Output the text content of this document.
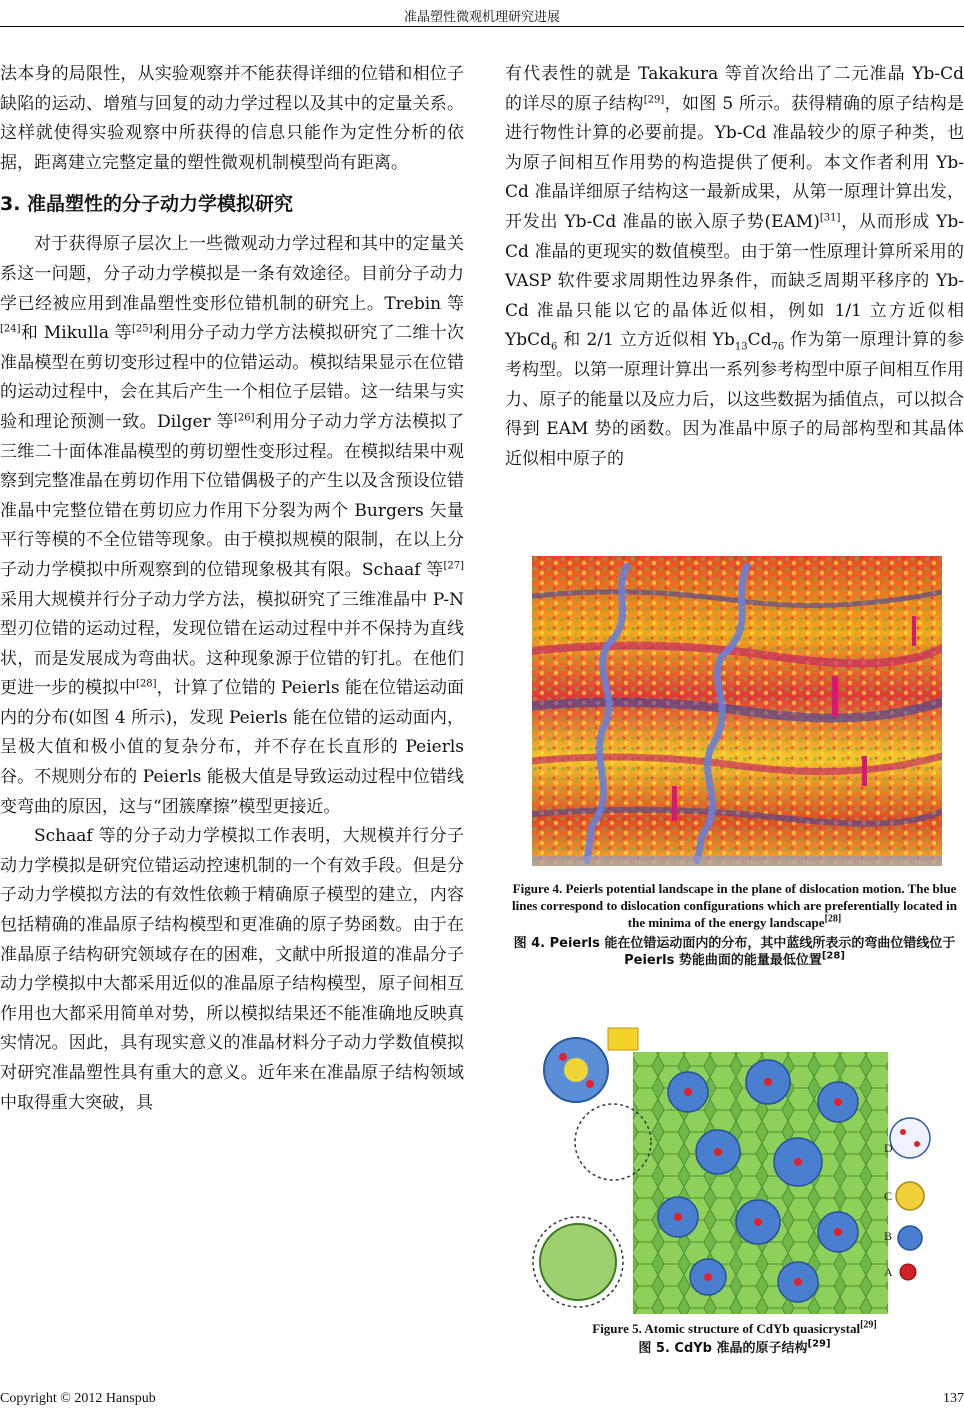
准晶塑性微观机理研究进展

法本身的局限性，从实验观察并不能获得详细的位错和相位子缺陷的运动、增殖与回复的动力学过程以及其中的定量关系。这样就使得实验观察中所获得的信息只能作为定性分析的依据，距离建立完整定量的塑性微观机制模型尚有距离。

3. 准晶塑性的分子动力学模拟研究

对于获得原子层次上一些微观动力学过程和其中的定量关系这一问题，分子动力学模拟是一条有效途径。目前分子动力学已经被应用到准晶塑性变形位错机制的研究上。Trebin 等[24]和 Mikulla 等[25]利用分子动力学方法模拟研究了二维十次准晶模型在剪切变形过程中的位错运动。模拟结果显示在位错的运动过程中，会在其后产生一个相位子层错。这一结果与实验和理论预测一致。Dilger 等[26]利用分子动力学方法模拟了三维二十面体准晶模型的剪切塑性变形过程。在模拟结果中观察到完整准晶在剪切作用下位错偶极子的产生以及含预设位错准晶中完整位错在剪切应力作用下分裂为两个 Burgers 矢量平行等模的不全位错等现象。由于模拟规模的限制，在以上分子动力学模拟中所观察到的位错现象极其有限。Schaaf 等[27]采用大规模并行分子动力学方法，模拟研究了三维准晶中 P-N 型刃位错的运动过程，发现位错在运动过程中并不保持为直线状，而是发展成为弯曲状。这种现象源于位错的钉扎。在他们更进一步的模拟中[28]，计算了位错的 Peierls 能在位错运动面内的分布(如图 4 所示)，发现 Peierls 能在位错的运动面内，呈极大值和极小值的复杂分布，并不存在长直形的 Peierls 谷。不规则分布的 Peierls 能极大值是导致运动过程中位错线变弯曲的原因，这与“团簇摩擦”模型更接近。

Schaaf 等的分子动力学模拟工作表明，大规模并行分子动力学模拟是研究位错运动控速机制的一个有效手段。但是分子动力学模拟方法的有效性依赖于精确原子模型的建立，内容包括精确的准晶原子结构模型和更准确的原子势函数。由于在准晶原子结构研究领域存在的困难，文献中所报道的准晶分子动力学模拟中大都采用近似的准晶原子结构模型，原子间相互作用也大都采用简单对势，所以模拟结果还不能准确地反映真实情况。因此，具有现实意义的准晶材料分子动力学数值模拟对研究准晶塑性具有重大的意义。近年来在准晶原子结构领域中取得重大突破，具

有代表性的就是 Takakura 等首次给出了二元准晶 Yb-Cd 的详尽的原子结构[29]，如图 5 所示。获得精确的原子结构是进行物性计算的必要前提。Yb-Cd 准晶较少的原子种类，也为原子间相互作用势的构造提供了便利。本文作者利用 Yb-Cd 准晶详细原子结构这一最新成果，从第一原理计算出发，开发出 Yb-Cd 准晶的嵌入原子势(EAM)[31]，从而形成 Yb-Cd 准晶的更现实的数值模型。由于第一性原理计算所采用的 VASP 软件要求周期性边界条件，而缺乏周期平移序的 Yb-Cd 准晶只能以它的晶体近似相，例如 1/1 立方近似相 YbCd$_6$ 和 2/1 立方近似相 $Yb_{13}Cd_{76}$ 作为第一原理计算的参考构型。以第一原理计算出一系列参考构型中原子间相互作用力、原子的能量以及应力后，以这些数据为插值点，可以拟合得到 EAM 势的函数。因为准晶中原子的局部构型和其晶体近似相中原子的

Figure 4. Peierls potential landscape in the plane of dislocation motion. The blue lines correspond to dislocation configurations which are preferentially located in the minima of the energy landscape[28]
图 4. Peierls 能在位错运动面内的分布，其中蓝线所表示的弯曲位错线位于 Peierls 势能曲面的能量最低位置[28]
D
C
B
A
Figure 5. Atomic structure of CdYb quasicrystal[29]
图 5. CdYb 准晶的原子结构[29]
Copyright © 2012 Hanspub	137
